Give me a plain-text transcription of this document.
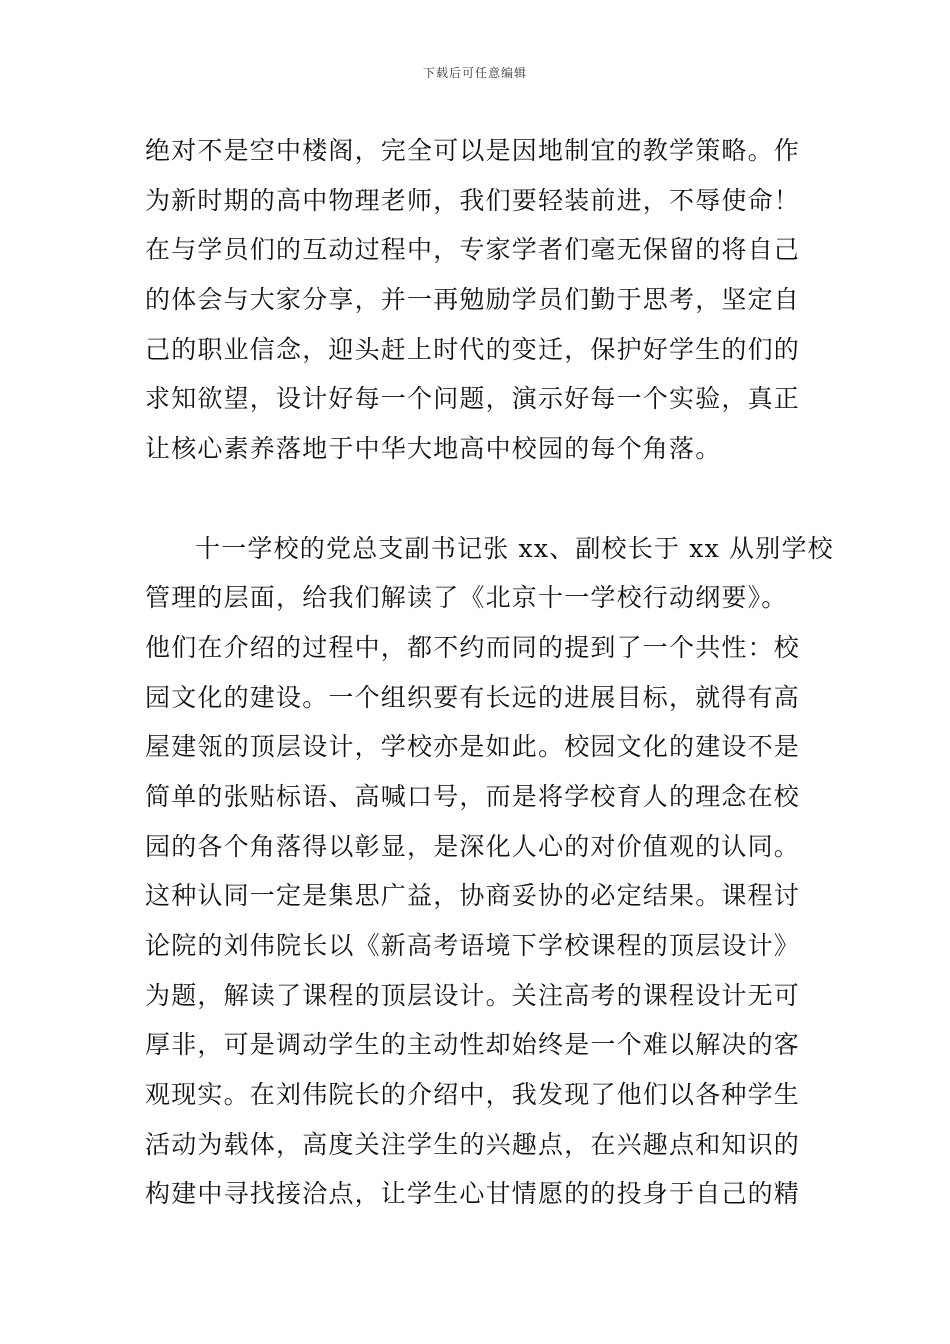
下载后可任意编辑
绝对不是空中楼阁，完全可以是因地制宜的教学策略。作
为新时期的高中物理老师，我们要轻装前进，不辱使命！
在与学员们的互动过程中，专家学者们毫无保留的将自己
的体会与大家分享，并一再勉励学员们勤于思考，坚定自
己的职业信念，迎头赶上时代的变迁，保护好学生的们的
求知欲望，设计好每一个问题，演示好每一个实验，真正
让核心素养落地于中华大地高中校园的每个角落。
十一学校的党总支副书记张 xx、副校长于 xx 从别学校
管理的层面，给我们解读了《北京十一学校行动纲要》。
他们在介绍的过程中，都不约而同的提到了一个共性：校
园文化的建设。一个组织要有长远的进展目标，就得有高
屋建瓴的顶层设计，学校亦是如此。校园文化的建设不是
简单的张贴标语、高喊口号，而是将学校育人的理念在校
园的各个角落得以彰显，是深化人心的对价值观的认同。
这种认同一定是集思广益，协商妥协的必定结果。课程讨
论院的刘伟院长以《新高考语境下学校课程的顶层设计》
为题，解读了课程的顶层设计。关注高考的课程设计无可
厚非，可是调动学生的主动性却始终是一个难以解决的客
观现实。在刘伟院长的介绍中，我发现了他们以各种学生
活动为载体，高度关注学生的兴趣点，在兴趣点和知识的
构建中寻找接洽点，让学生心甘情愿的的投身于自己的精
